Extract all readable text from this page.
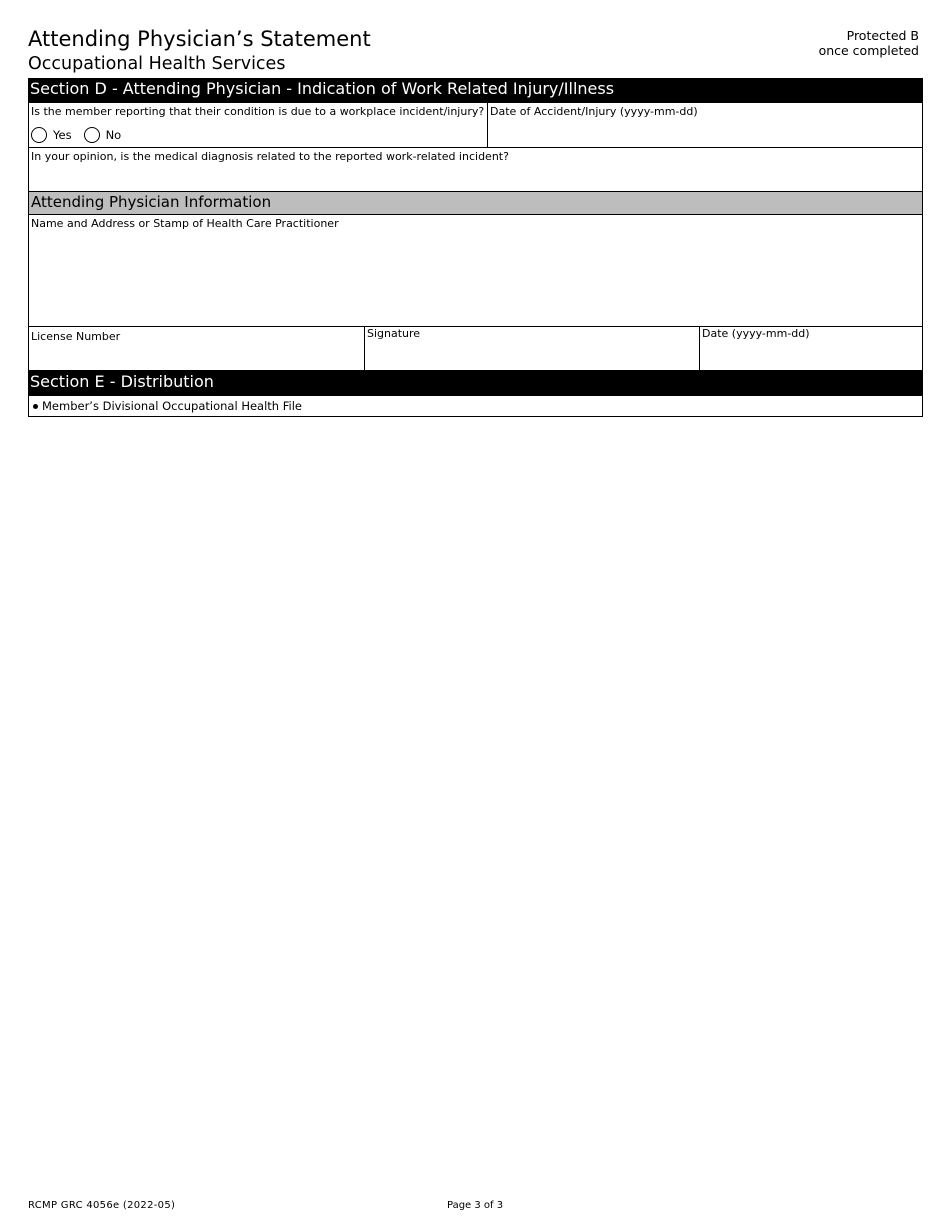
Attending Physician’s Statement
Occupational Health Services
Protected B
once completed
Section D - Attending Physician - Indication of Work Related Injury/Illness
Is the member reporting that their condition is due to a workplace incident/injury?
Yes	No
Date of Accident/Injury (yyyy-mm-dd)
In your opinion, is the medical diagnosis related to the reported work-related incident?
Attending Physician Information
Name and Address or Stamp of Health Care Practitioner
License Number	Signature	Date (yyyy-mm-dd)
Section E - Distribution
Member’s Divisional Occupational Health File
RCMP GRC 4056e (2022-05)	Page 3 of 3
